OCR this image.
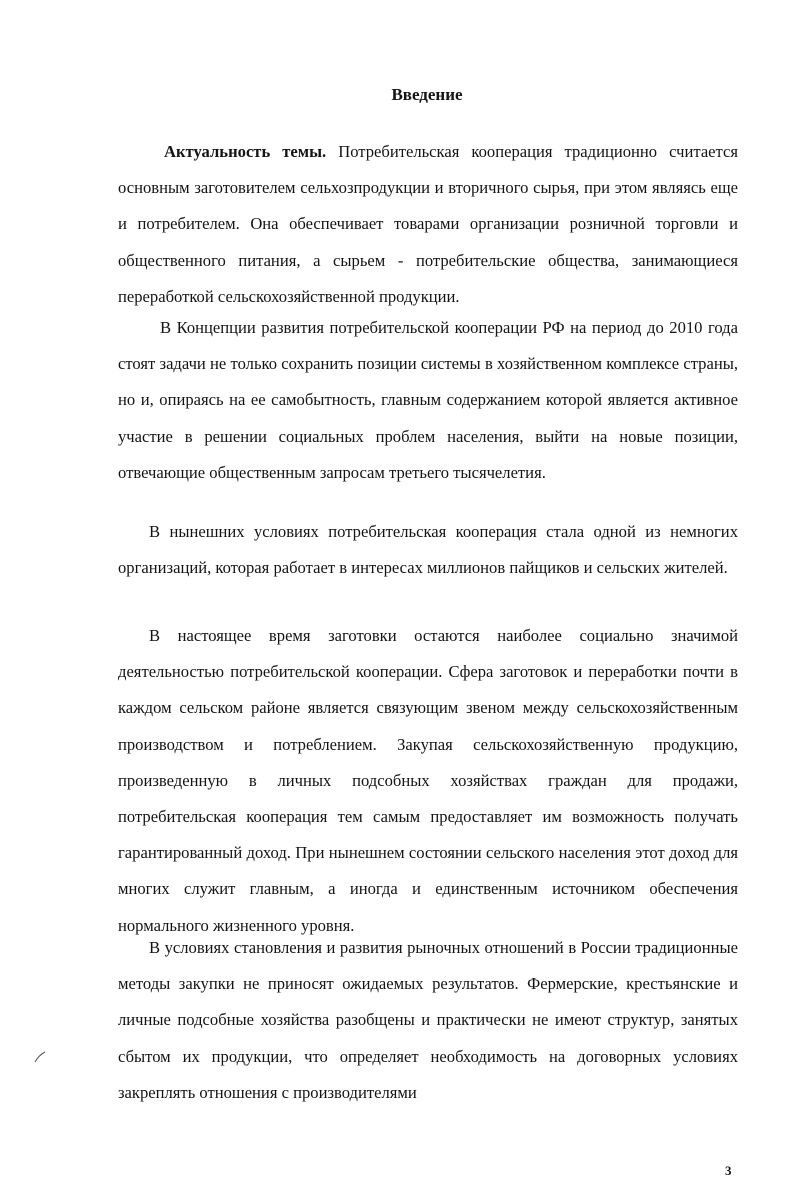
Введение

Актуальность темы. Потребительская кооперация традиционно считается основным заготовителем сельхозпродукции и вторичного сырья, при этом являясь еще и потребителем. Она обеспечивает товарами организации розничной торговли и общественного питания, а сырьем - потребительские общества, занимающиеся переработкой сельскохозяйственной продукции.

В Концепции развития потребительской кооперации РФ на период до 2010 года стоят задачи не только сохранить позиции системы в хозяйственном комплексе страны, но и, опираясь на ее самобытность, главным содержанием которой является активное участие в решении социальных проблем населения, выйти на новые позиции, отвечающие общественным запросам третьего тысячелетия.

В нынешних условиях потребительская кооперация стала одной из немногих организаций, которая работает в интересах миллионов пайщиков и сельских жителей.

В настоящее время заготовки остаются наиболее социально значимой деятельностью потребительской кооперации. Сфера заготовок и переработки почти в каждом сельском районе является связующим звеном между сельскохозяйственным производством и потреблением. Закупая сельскохозяйственную продукцию, произведенную в личных подсобных хозяйствах граждан для продажи, потребительская кооперация тем самым предоставляет им возможность получать гарантированный доход. При нынешнем состоянии сельского населения этот доход для многих служит главным, а иногда и единственным источником обеспечения нормального жизненного уровня.

В условиях становления и развития рыночных отношений в России традиционные методы закупки не приносят ожидаемых результатов. Фермерские, крестьянские и личные подсобные хозяйства разобщены и практически не имеют структур, занятых сбытом их продукции, что определяет необходимость на договорных условиях закреплять отношения с производителями

3
